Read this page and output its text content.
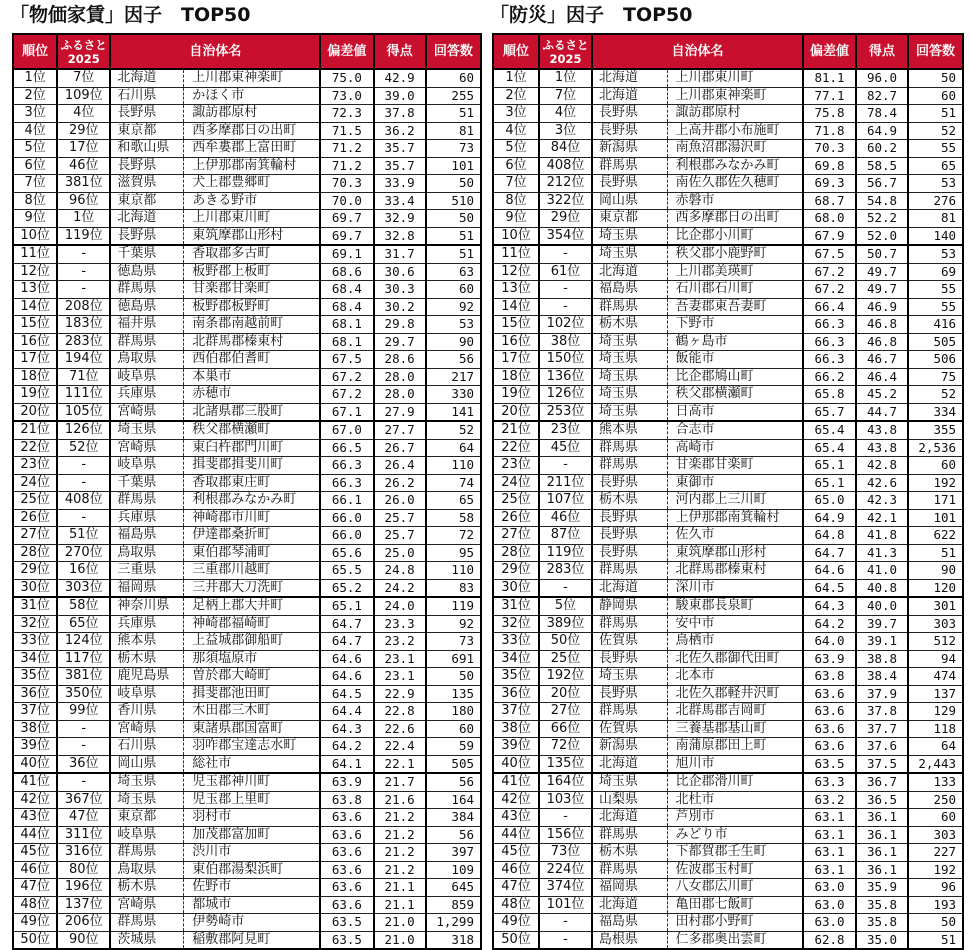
「物価家賃」因子　TOP50
順位	ふるさと
2025	自治体名		偏差値	得点	回答数
1位	7位	北海道	上川郡東神楽町	75.0	42.9	60
2位	109位	石川県	かほく市	73.0	39.0	255
3位	4位	長野県	諏訪郡原村	72.3	37.8	51
4位	29位	東京都	西多摩郡日の出町	71.5	36.2	81
5位	17位	和歌山県	西牟婁郡上富田町	71.2	35.7	73
6位	46位	長野県	上伊那郡南箕輪村	71.2	35.7	101
7位	381位	滋賀県	犬上郡豊郷町	70.3	33.9	50
8位	96位	東京都	あきる野市	70.0	33.4	510
9位	1位	北海道	上川郡東川町	69.7	32.9	50
10位	119位	長野県	東筑摩郡山形村	69.7	32.8	51
11位	-	千葉県	香取郡多古町	69.1	31.7	51
12位	-	徳島県	板野郡上板町	68.6	30.6	63
13位	-	群馬県	甘楽郡甘楽町	68.4	30.3	60
14位	208位	徳島県	板野郡板野町	68.4	30.2	92
15位	183位	福井県	南条郡南越前町	68.1	29.8	53
16位	283位	群馬県	北群馬郡榛東村	68.1	29.7	90
17位	194位	鳥取県	西伯郡伯耆町	67.5	28.6	56
18位	71位	岐阜県	本巣市	67.2	28.0	217
19位	111位	兵庫県	赤穂市	67.2	28.0	330
20位	105位	宮崎県	北諸県郡三股町	67.1	27.9	141
21位	126位	埼玉県	秩父郡横瀬町	67.0	27.7	52
22位	52位	宮崎県	東臼杵郡門川町	66.5	26.7	64
23位	-	岐阜県	揖斐郡揖斐川町	66.3	26.4	110
24位	-	千葉県	香取郡東庄町	66.3	26.2	74
25位	408位	群馬県	利根郡みなかみ町	66.1	26.0	65
26位	-	兵庫県	神崎郡市川町	66.0	25.7	58
27位	51位	福島県	伊達郡桑折町	66.0	25.7	72
28位	270位	鳥取県	東伯郡琴浦町	65.6	25.0	95
29位	16位	三重県	三重郡川越町	65.5	24.8	110
30位	303位	福岡県	三井郡大刀洗町	65.2	24.2	83
31位	58位	神奈川県	足柄上郡大井町	65.1	24.0	119
32位	65位	兵庫県	神崎郡福崎町	64.7	23.3	92
33位	124位	熊本県	上益城郡御船町	64.7	23.2	73
34位	117位	栃木県	那須塩原市	64.6	23.1	691
35位	381位	鹿児島県	曽於郡大崎町	64.6	23.1	50
36位	350位	岐阜県	揖斐郡池田町	64.5	22.9	135
37位	99位	香川県	木田郡三木町	64.4	22.8	180
38位	-	宮崎県	東諸県郡国富町	64.3	22.6	60
39位	-	石川県	羽咋郡宝達志水町	64.2	22.4	59
40位	36位	岡山県	総社市	64.1	22.1	505
41位	-	埼玉県	児玉郡神川町	63.9	21.7	56
42位	367位	埼玉県	児玉郡上里町	63.8	21.6	164
43位	47位	東京都	羽村市	63.6	21.2	384
44位	311位	岐阜県	加茂郡富加町	63.6	21.2	56
45位	316位	群馬県	渋川市	63.6	21.2	397
46位	80位	鳥取県	東伯郡湯梨浜町	63.6	21.2	109
47位	196位	栃木県	佐野市	63.6	21.1	645
48位	137位	宮崎県	都城市	63.6	21.1	859
49位	206位	群馬県	伊勢崎市	63.5	21.0	1,299
50位	90位	茨城県	稲敷郡阿見町	63.5	21.0	318
「防災」因子　TOP50
順位	ふるさと
2025	自治体名		偏差値	得点	回答数
1位	1位	北海道	上川郡東川町	81.1	96.0	50
2位	7位	北海道	上川郡東神楽町	77.1	82.7	60
3位	4位	長野県	諏訪郡原村	75.8	78.4	51
4位	3位	長野県	上高井郡小布施町	71.8	64.9	52
5位	84位	新潟県	南魚沼郡湯沢町	70.3	60.2	55
6位	408位	群馬県	利根郡みなかみ町	69.8	58.5	65
7位	212位	長野県	南佐久郡佐久穂町	69.3	56.7	53
8位	322位	岡山県	赤磐市	68.7	54.8	276
9位	29位	東京都	西多摩郡日の出町	68.0	52.2	81
10位	354位	埼玉県	比企郡小川町	67.9	52.0	140
11位	-	埼玉県	秩父郡小鹿野町	67.5	50.7	53
12位	61位	北海道	上川郡美瑛町	67.2	49.7	69
13位	-	福島県	石川郡石川町	67.2	49.7	55
14位	-	群馬県	吾妻郡東吾妻町	66.4	46.9	55
15位	102位	栃木県	下野市	66.3	46.8	416
16位	38位	埼玉県	鶴ヶ島市	66.3	46.8	505
17位	150位	埼玉県	飯能市	66.3	46.7	506
18位	136位	埼玉県	比企郡鳩山町	66.2	46.4	75
19位	126位	埼玉県	秩父郡横瀬町	65.8	45.2	52
20位	253位	埼玉県	日高市	65.7	44.7	334
21位	23位	熊本県	合志市	65.4	43.8	355
22位	45位	群馬県	高崎市	65.4	43.8	2,536
23位	-	群馬県	甘楽郡甘楽町	65.1	42.8	60
24位	211位	長野県	東御市	65.1	42.6	192
25位	107位	栃木県	河内郡上三川町	65.0	42.3	171
26位	46位	長野県	上伊那郡南箕輪村	64.9	42.1	101
27位	87位	長野県	佐久市	64.8	41.8	622
28位	119位	長野県	東筑摩郡山形村	64.7	41.3	51
29位	283位	群馬県	北群馬郡榛東村	64.6	41.0	90
30位	-	北海道	深川市	64.5	40.8	120
31位	5位	静岡県	駿東郡長泉町	64.3	40.0	301
32位	389位	群馬県	安中市	64.2	39.7	303
33位	50位	佐賀県	鳥栖市	64.0	39.1	512
34位	25位	長野県	北佐久郡御代田町	63.9	38.8	94
35位	192位	埼玉県	北本市	63.8	38.4	474
36位	20位	長野県	北佐久郡軽井沢町	63.6	37.9	137
37位	27位	群馬県	北群馬郡吉岡町	63.6	37.8	129
38位	66位	佐賀県	三養基郡基山町	63.6	37.7	118
39位	72位	新潟県	南蒲原郡田上町	63.6	37.6	64
40位	135位	北海道	旭川市	63.5	37.5	2,443
41位	164位	埼玉県	比企郡滑川町	63.3	36.7	133
42位	103位	山梨県	北杜市	63.2	36.5	250
43位	-	北海道	芦別市	63.1	36.1	60
44位	156位	群馬県	みどり市	63.1	36.1	303
45位	73位	栃木県	下都賀郡壬生町	63.1	36.1	227
46位	224位	群馬県	佐波郡玉村町	63.1	36.1	192
47位	374位	福岡県	八女郡広川町	63.0	35.9	96
48位	101位	北海道	亀田郡七飯町	63.0	35.8	193
49位	-	福島県	田村郡小野町	63.0	35.8	50
50位	-	島根県	仁多郡奥出雲町	62.8	35.0	51
